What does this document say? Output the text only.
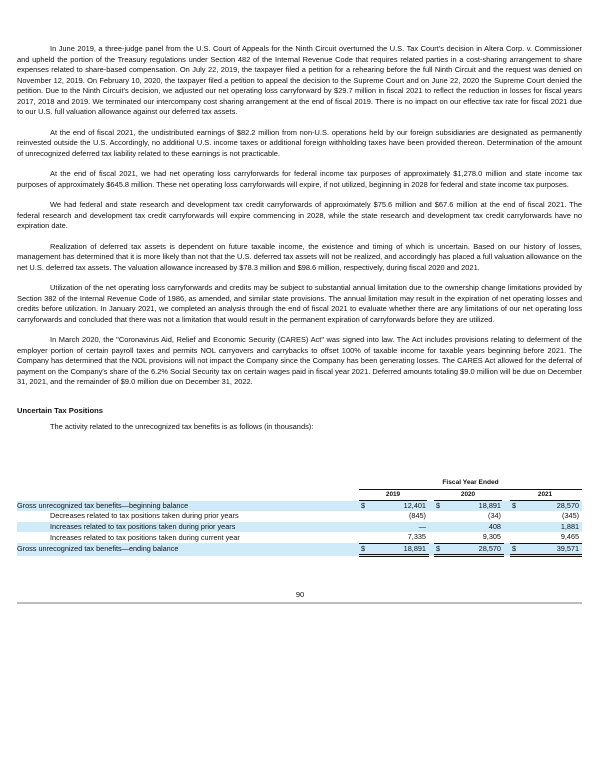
In June 2019, a three-judge panel from the U.S. Court of Appeals for the Ninth Circuit overturned the U.S. Tax Court's decision in Altera Corp. v. Commissioner and upheld the portion of the Treasury regulations under Section 482 of the Internal Revenue Code that requires related parties in a cost-sharing arrangement to share expenses related to share-based compensation. On July 22, 2019, the taxpayer filed a petition for a rehearing before the full Ninth Circuit and the request was denied on November 12, 2019. On February 10, 2020, the taxpayer filed a petition to appeal the decision to the Supreme Court and on June 22, 2020 the Supreme Court denied the petition. Due to the Ninth Circuit's decision, we adjusted our net operating loss carryforward by $29.7 million in fiscal 2021 to reflect the reduction in losses for fiscal years 2017, 2018 and 2019. We terminated our intercompany cost sharing arrangement at the end of fiscal 2019. There is no impact on our effective tax rate for fiscal 2021 due to our U.S. full valuation allowance against our deferred tax assets.

At the end of fiscal 2021, the undistributed earnings of $82.2 million from non-U.S. operations held by our foreign subsidiaries are designated as permanently reinvested outside the U.S. Accordingly, no additional U.S. income taxes or additional foreign withholding taxes have been provided thereon. Determination of the amount of unrecognized deferred tax liability related to these earnings is not practicable.

At the end of fiscal 2021, we had net operating loss carryforwards for federal income tax purposes of approximately $1,278.0 million and state income tax purposes of approximately $645.8 million. These net operating loss carryforwards will expire, if not utilized, beginning in 2028 for federal and state income tax purposes.

We had federal and state research and development tax credit carryforwards of approximately $75.6 million and $67.6 million at the end of fiscal 2021. The federal research and development tax credit carryforwards will expire commencing in 2028, while the state research and development tax credit carryforwards have no expiration date.

Realization of deferred tax assets is dependent on future taxable income, the existence and timing of which is uncertain. Based on our history of losses, management has determined that it is more likely than not that the U.S. deferred tax assets will not be realized, and accordingly has placed a full valuation allowance on the net U.S. deferred tax assets. The valuation allowance increased by $78.3 million and $98.6 million, respectively, during fiscal 2020 and 2021.

Utilization of the net operating loss carryforwards and credits may be subject to substantial annual limitation due to the ownership change limitations provided by Section 382 of the Internal Revenue Code of 1986, as amended, and similar state provisions. The annual limitation may result in the expiration of net operating losses and credits before utilization. In January 2021, we completed an analysis through the end of fiscal 2021 to evaluate whether there are any limitations of our net operating loss carryforwards and concluded that there was not a limitation that would result in the permanent expiration of carryforwards before they are utilized.

In March 2020, the "Coronavirus Aid, Relief and Economic Security (CARES) Act" was signed into law. The Act includes provisions relating to deferment of the employer portion of certain payroll taxes and permits NOL carryovers and carrybacks to offset 100% of taxable income for taxable years beginning before 2021. The Company has determined that the NOL provisions will not impact the Company since the Company has been generating losses. The CARES Act allowed for the deferral of payment on the Company's share of the 6.2% Social Security tax on certain wages paid in fiscal year 2021. Deferred amounts totaling $9.0 million will be due on December 31, 2021, and the remainder of $9.0 million due on December 31, 2022.

Uncertain Tax Positions
The activity related to the unrecognized tax benefits is as follows (in thousands):
	Fiscal Year Ended							

	2019			2020			2021	

Gross unrecognized tax benefits—beginning balance	$	12,401		$	18,891		$	28,570
Decreases related to tax positions taken during prior years		(845)			(34)			(345)
Increases related to tax positions taken during prior years		—			408			1,881
Increases related to tax positions taken during current year		7,335			9,305			9,465
Gross unrecognized tax benefits—ending balance	$	18,891		$	28,570		$	39,571
90
